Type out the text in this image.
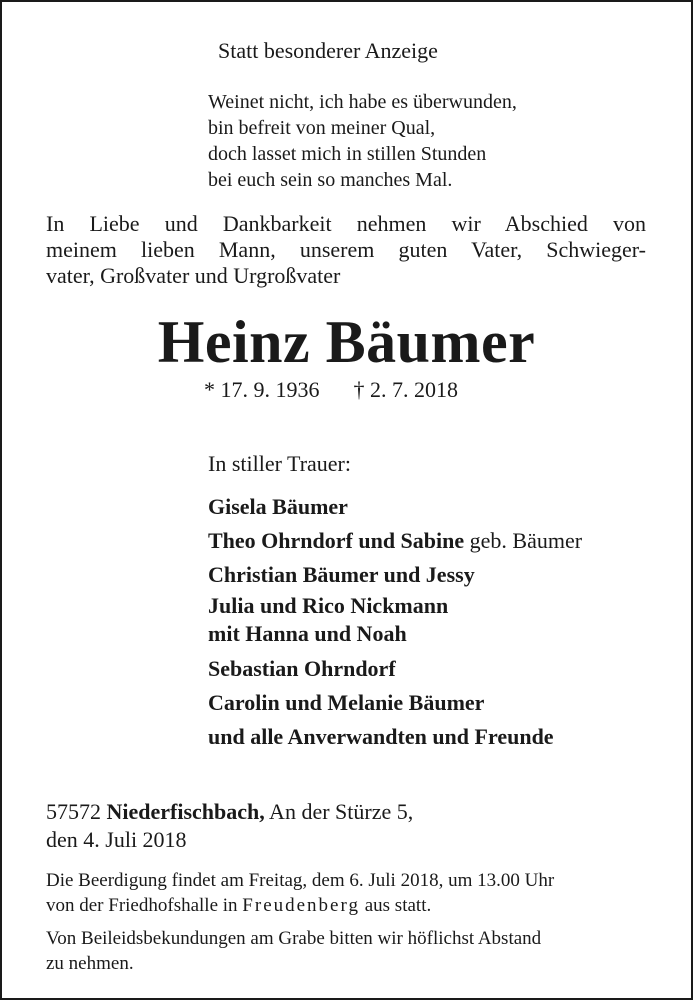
Statt besonderer Anzeige
Weinet nicht, ich habe es überwunden,
bin befreit von meiner Qual,
doch lasset mich in stillen Stunden
bei euch sein so manches Mal.
In Liebe und Dankbarkeit nehmen wir Abschied von
meinem lieben Mann, unserem guten Vater, Schwieger-
vater, Großvater und Urgroßvater
Heinz Bäumer
* 17. 9. 1936 † 2. 7. 2018
In stiller Trauer:
Gisela Bäumer
Theo Ohrndorf und Sabine geb. Bäumer
Christian Bäumer und Jessy
Julia und Rico Nickmann
mit Hanna und Noah
Sebastian Ohrndorf
Carolin und Melanie Bäumer
und alle Anverwandten und Freunde
57572 Niederfischbach, An der Stürze 5,
den 4. Juli 2018
Die Beerdigung findet am Freitag, dem 6. Juli 2018, um 13.00 Uhr
von der Friedhofshalle in Freudenberg aus statt.
Von Beileidsbekundungen am Grabe bitten wir höflichst Abstand
zu nehmen.
